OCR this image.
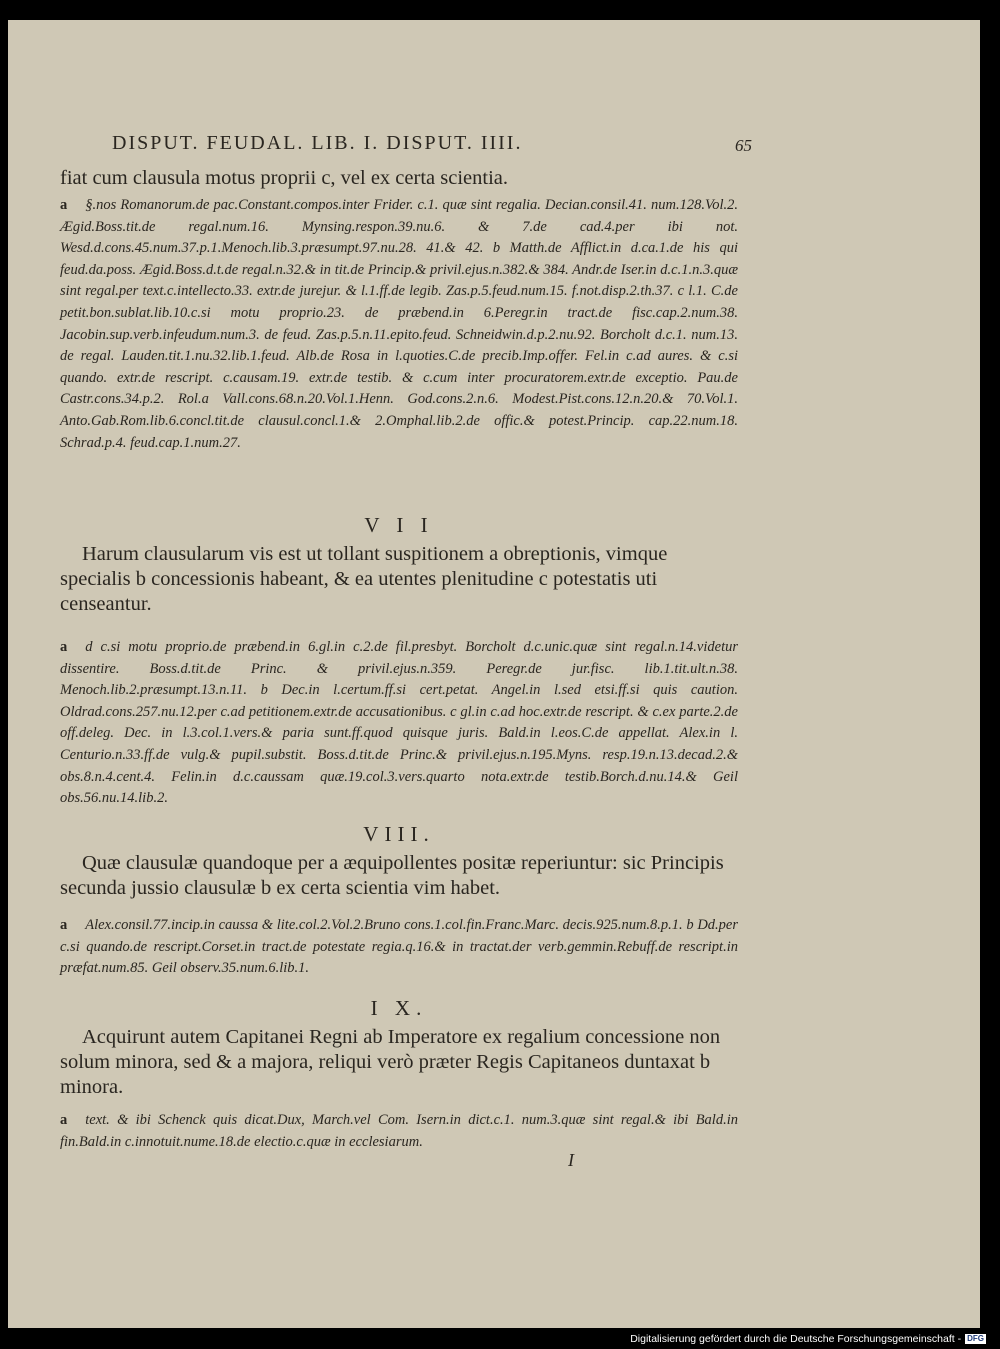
DISPUT. FEUDAL. LIB. I. DISPUT. IIII.	65

fiat cum clausula motus proprii c, vel ex certa scientia.

a §.nos Romanorum.de pac.Constant.compos.inter Frider. c.1. quæ sint regalia. Decian.consil.41. num.128.Vol.2. Ægid.Boss.tit.de regal.num.16. Mynsing.respon.39.nu.6. & 7.de cad.4.per ibi not. Wesd.d.cons.45.num.37.p.1.Menoch.lib.3.præsumpt.97.nu.28. 41.& 42. b Matth.de Afflict.in d.ca.1.de his qui feud.da.poss. Ægid.Boss.d.t.de regal.n.32.& in tit.de Princip.& privil.ejus.n.382.& 384. Andr.de Iser.in d.c.1.n.3.quæ sint regal.per text.c.intellecto.33. extr.de jurejur. & l.1.ff.de legib. Zas.p.5.feud.num.15. f.not.disp.2.th.37. c l.1. C.de petit.bon.sublat.lib.10.c.si motu proprio.23. de præbend.in 6.Peregr.in tract.de fisc.cap.2.num.38. Jacobin.sup.verb.infeudum.num.3. de feud. Zas.p.5.n.11.epito.feud. Schneidwin.d.p.2.nu.92. Borcholt d.c.1. num.13. de regal. Lauden.tit.1.nu.32.lib.1.feud. Alb.de Rosa in l.quoties.C.de precib.Imp.offer. Fel.in c.ad aures. & c.si quando. extr.de rescript. c.causam.19. extr.de testib. & c.cum inter procuratorem.extr.de exceptio. Pau.de Castr.cons.34.p.2. Rol.a Vall.cons.68.n.20.Vol.1.Henn. God.cons.2.n.6. Modest.Pist.cons.12.n.20.& 70.Vol.1. Anto.Gab.Rom.lib.6.concl.tit.de clausul.concl.1.& 2.Omphal.lib.2.de offic.& potest.Princip. cap.22.num.18. Schrad.p.4. feud.cap.1.num.27.

V I I

Harum clausularum vis est ut tollant suspitionem a obreptionis, vimque specialis b concessionis habeant, & ea utentes plenitudine c potestatis uti censeantur.

a d c.si motu proprio.de præbend.in 6.gl.in c.2.de fil.presbyt. Borcholt d.c.unic.quæ sint regal.n.14.videtur dissentire. Boss.d.tit.de Princ. & privil.ejus.n.359. Peregr.de jur.fisc. lib.1.tit.ult.n.38. Menoch.lib.2.præsumpt.13.n.11. b Dec.in l.certum.ff.si cert.petat. Angel.in l.sed etsi.ff.si quis caution. Oldrad.cons.257.nu.12.per c.ad petitionem.extr.de accusationibus. c gl.in c.ad hoc.extr.de rescript. & c.ex parte.2.de off.deleg. Dec. in l.3.col.1.vers.& paria sunt.ff.quod quisque juris. Bald.in l.eos.C.de appellat. Alex.in l. Centurio.n.33.ff.de vulg.& pupil.substit. Boss.d.tit.de Princ.& privil.ejus.n.195.Myns. resp.19.n.13.decad.2.& obs.8.n.4.cent.4. Felin.in d.c.caussam quæ.19.col.3.vers.quarto nota.extr.de testib.Borch.d.nu.14.& Geil obs.56.nu.14.lib.2.

VIII.

Quæ clausulæ quandoque per a æquipollentes positæ reperiuntur: sic Principis secunda jussio clausulæ b ex certa scientia vim habet.

a Alex.consil.77.incip.in caussa & lite.col.2.Vol.2.Bruno cons.1.col.fin.Franc.Marc. decis.925.num.8.p.1. b Dd.per c.si quando.de rescript.Corset.in tract.de potestate regia.q.16.& in tractat.der verb.gemmin.Rebuff.de rescript.in præfat.num.85. Geil observ.35.num.6.lib.1.

I X.

Acquirunt autem Capitanei Regni ab Imperatore ex regalium concessione non solum minora, sed & a majora, reliqui verò præter Regis Capitaneos duntaxat b minora.

a text. & ibi Schenck quis dicat.Dux, March.vel Com. Isern.in dict.c.1. num.3.quæ sint regal.& ibi Bald.in fin.Bald.in c.innotuit.nume.18.de electio.c.quæ in ecclesiarum.

I
Digitalisierung gefördert durch die Deutsche Forschungsgemeinschaft - DFG
